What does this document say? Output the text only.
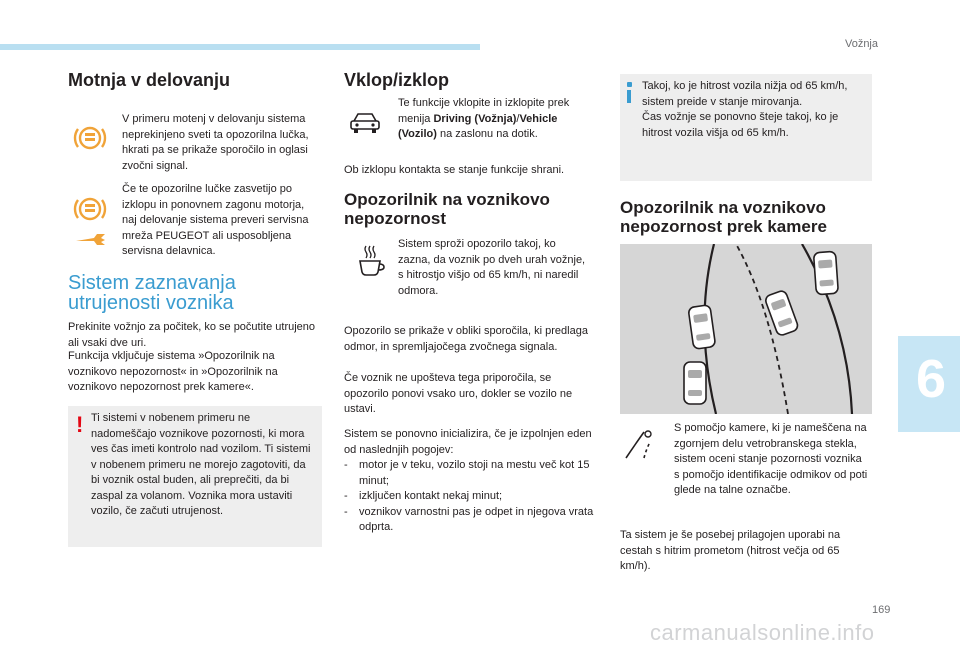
Vožnja
6
169
carmanualsonline.info
Motnja v delovanju
V primeru motenj v delovanju sistema neprekinjeno sveti ta opozorilna lučka, hkrati pa se prikaže sporočilo in oglasi zvočni signal.
Če te opozorilne lučke zasvetijo po izklopu in ponovnem zagonu motorja, naj delovanje sistema preveri servisna mreža PEUGEOT ali usposobljena servisna delavnica.
Sistem zaznavanja
utrujenosti voznika
Prekinite vožnjo za počitek, ko se počutite utrujeno ali vsaki dve uri.
Funkcija vključuje sistema »Opozorilnik na voznikovo nepozornost« in »Opozorilnik na voznikovo nepozornost prek kamere«.
! Ti sistemi v nobenem primeru ne nadomeščajo voznikove pozornosti, ki mora ves čas imeti kontrolo nad vozilom. Ti sistemi v nobenem primeru ne morejo zagotoviti, da bi voznik ostal buden, ali preprečiti, da bi zaspal za volanom. Voznika mora ustaviti vozilo, če začuti utrujenost.
Vklop/izklop
Te funkcije vklopite in izklopite prek menija Driving (Vožnja)/Vehicle (Vozilo) na zaslonu na dotik.
Ob izklopu kontakta se stanje funkcije shrani.
Opozorilnik na voznikovo
nepozornost
Sistem sproži opozorilo takoj, ko zazna, da voznik po dveh urah vožnje, s hitrostjo višjo od 65 km/h, ni naredil odmora.
Opozorilo se prikaže v obliki sporočila, ki predlaga odmor, in spremljajočega zvočnega signala.
Če voznik ne upošteva tega priporočila, se opozorilo ponovi vsako uro, dokler se vozilo ne ustavi.
Sistem se ponovno inicializira, če je izpolnjen eden od naslednjih pogojev:
- motor je v teku, vozilo stoji na mestu več kot 15 minut;
- izključen kontakt nekaj minut;
- voznikov varnostni pas je odpet in njegova vrata odprta.
Takoj, ko je hitrost vozila nižja od 65 km/h, sistem preide v stanje mirovanja.
Čas vožnje se ponovno šteje takoj, ko je hitrost vozila višja od 65 km/h.
Opozorilnik na voznikovo
nepozornost prek kamere
S pomočjo kamere, ki je nameščena na zgornjem delu vetrobranskega stekla, sistem oceni stanje pozornosti voznika s pomočjo identifikacije odmikov od poti glede na talne označbe.
Ta sistem je še posebej prilagojen uporabi na cestah s hitrim prometom (hitrost večja od 65 km/h).
